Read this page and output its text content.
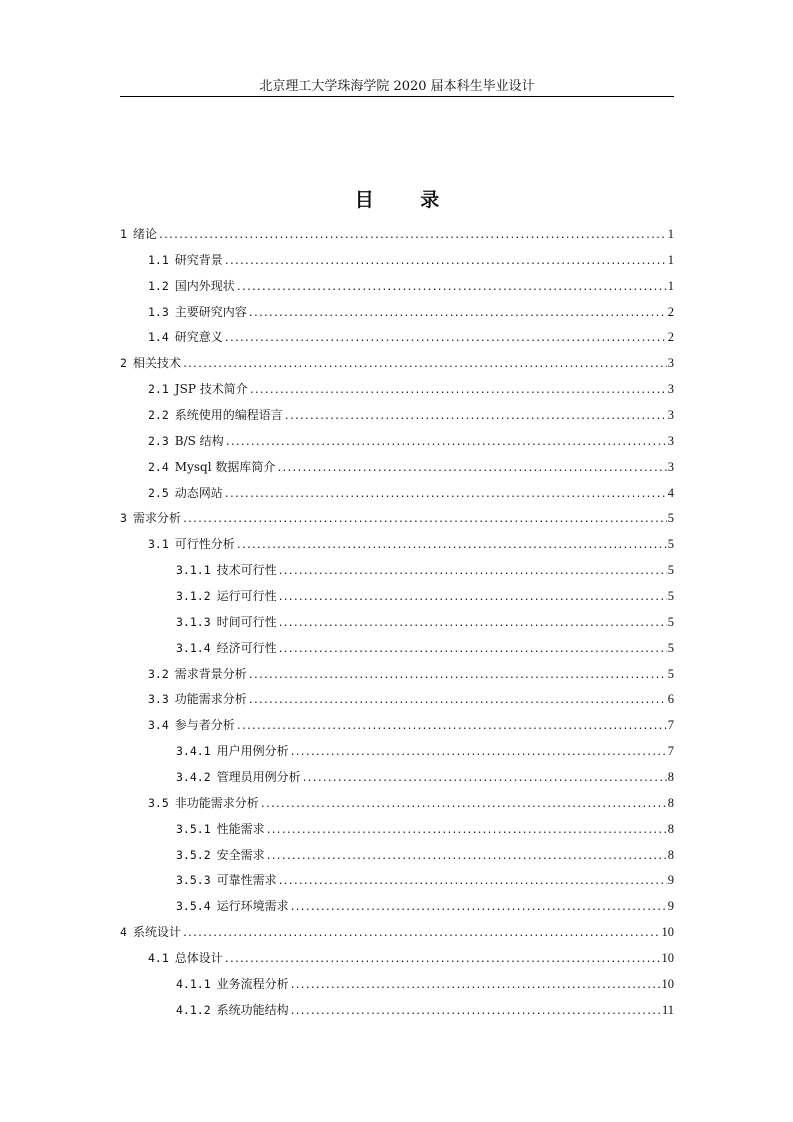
北京理工大学珠海学院 2020 届本科生毕业设计
目 录
1 绪论 .....	1
1.1 研究背景 .....	1
1.2 国内外现状 .....	1
1.3 主要研究内容 .....	2
1.4 研究意义 .....	2
2 相关技术 .....	3
2.1 JSP 技术简介 .....	3
2.2 系统使用的编程语言 .....	3
2.3 B/S 结构 .....	3
2.4 Mysql 数据库简介 .....	3
2.5 动态网站 .....	4
3 需求分析 .....	5
3.1 可行性分析 .....	5
3.1.1 技术可行性 .....	5
3.1.2 运行可行性 .....	5
3.1.3 时间可行性 .....	5
3.1.4 经济可行性 .....	5
3.2 需求背景分析 .....	5
3.3 功能需求分析 .....	6
3.4 参与者分析 .....	7
3.4.1 用户用例分析 .....	7
3.4.2 管理员用例分析 .....	8
3.5 非功能需求分析 .....	8
3.5.1 性能需求 .....	8
3.5.2 安全需求 .....	8
3.5.3 可靠性需求 .....	9
3.5.4 运行环境需求 .....	9
4 系统设计 .....	10
4.1 总体设计 .....	10
4.1.1 业务流程分析 .....	10
4.1.2 系统功能结构 .....	11
